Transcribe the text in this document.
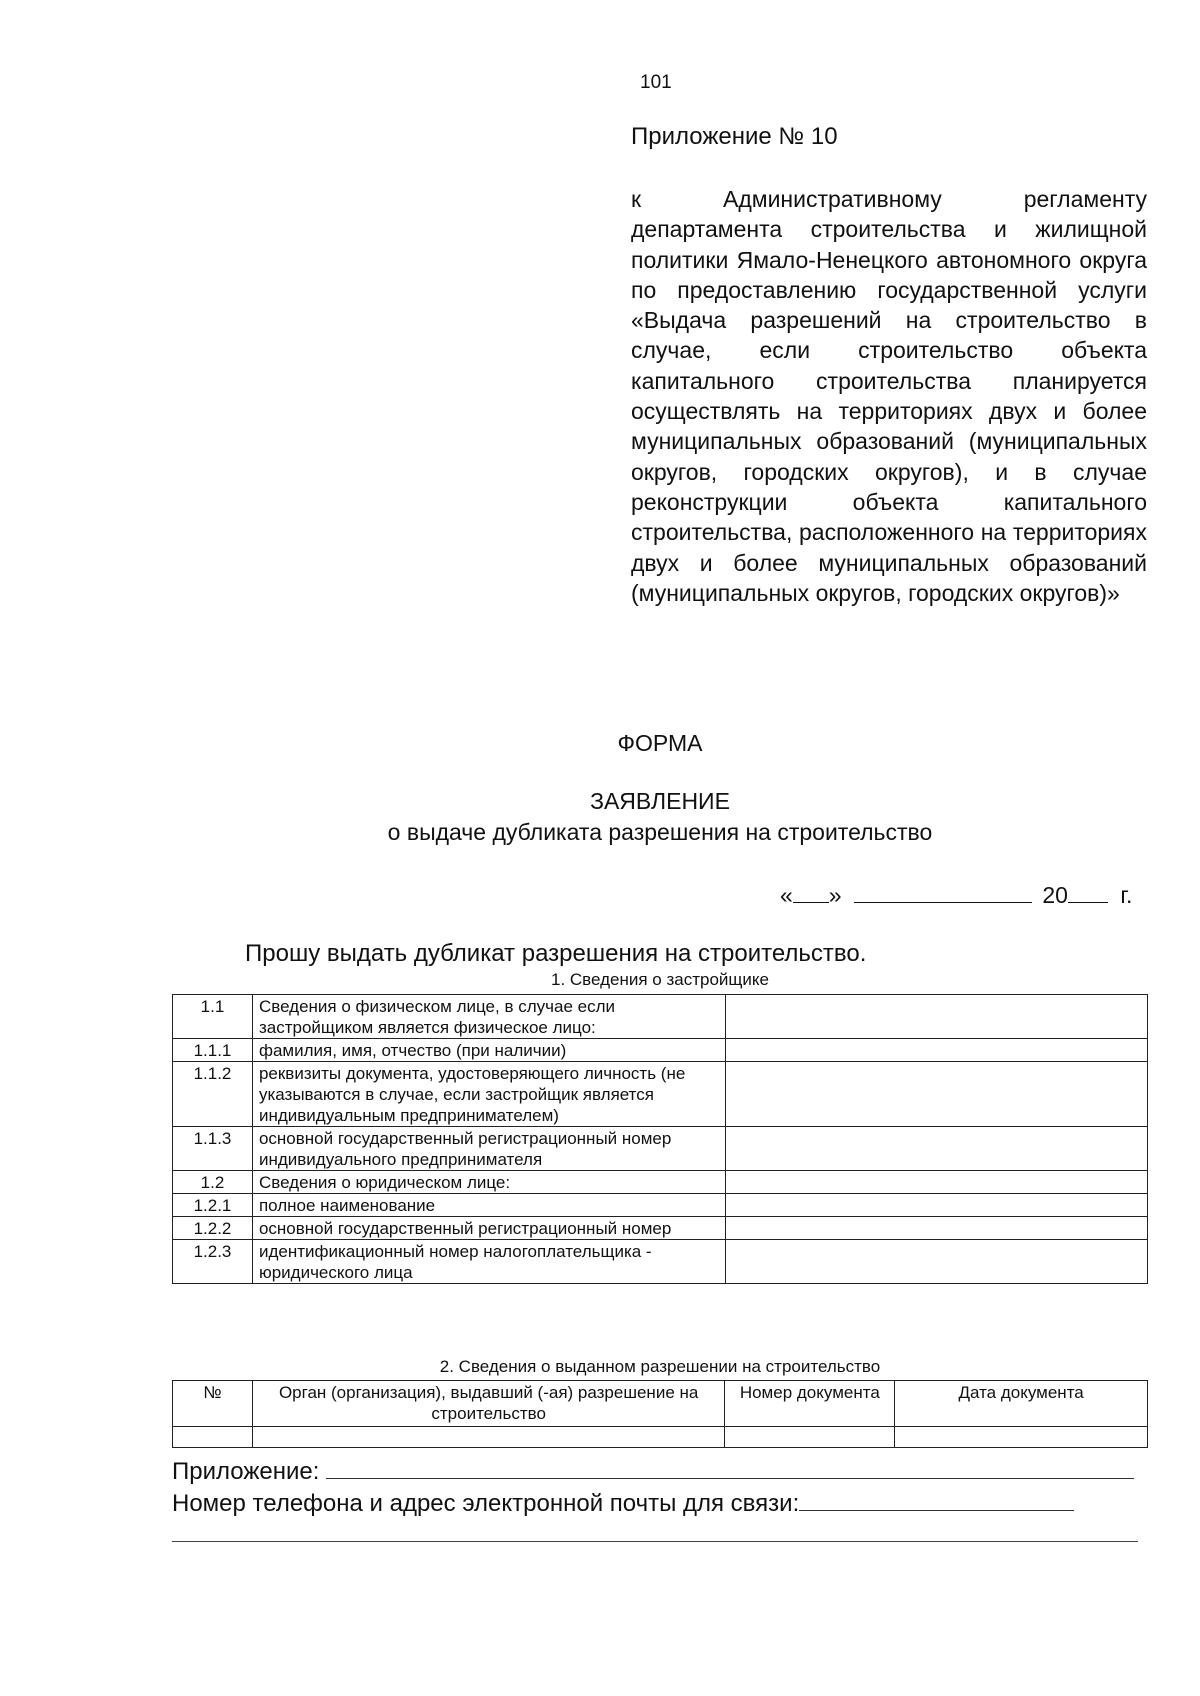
101
Приложение № 10
к Административному регламенту департамента строительства и жилищной политики Ямало-Ненецкого автономного округа по предоставлению государственной услуги «Выдача разрешений на строительство в случае, если строительство объекта капитального строительства планируется осуществлять на территориях двух и более муниципальных образований (муниципальных округов, городских округов), и в случае реконструкции объекта капитального строительства, расположенного на территориях двух и более муниципальных образований (муниципальных округов, городских округов)»
ФОРМА
ЗАЯВЛЕНИЕ
о выдаче дубликата разрешения на строительство
« »	20 г.
Прошу выдать дубликат разрешения на строительство.
1. Сведения о застройщике
1.1	Сведения о физическом лице, в случае если застройщиком является физическое лицо:	
1.1.1	фамилия, имя, отчество (при наличии)	
1.1.2	реквизиты документа, удостоверяющего личность (не указываются в случае, если застройщик является индивидуальным предпринимателем)	
1.1.3	основной государственный регистрационный номер индивидуального предпринимателя	
1.2	Сведения о юридическом лице:	
1.2.1	полное наименование	
1.2.2	основной государственный регистрационный номер	
1.2.3	идентификационный номер налогоплательщика - юридического лица	
2. Сведения о выданном разрешении на строительство
№	Орган (организация), выдавший (-ая) разрешение на строительство	Номер документа	Дата документа

Приложение:
Номер телефона и адрес электронной почты для связи:
